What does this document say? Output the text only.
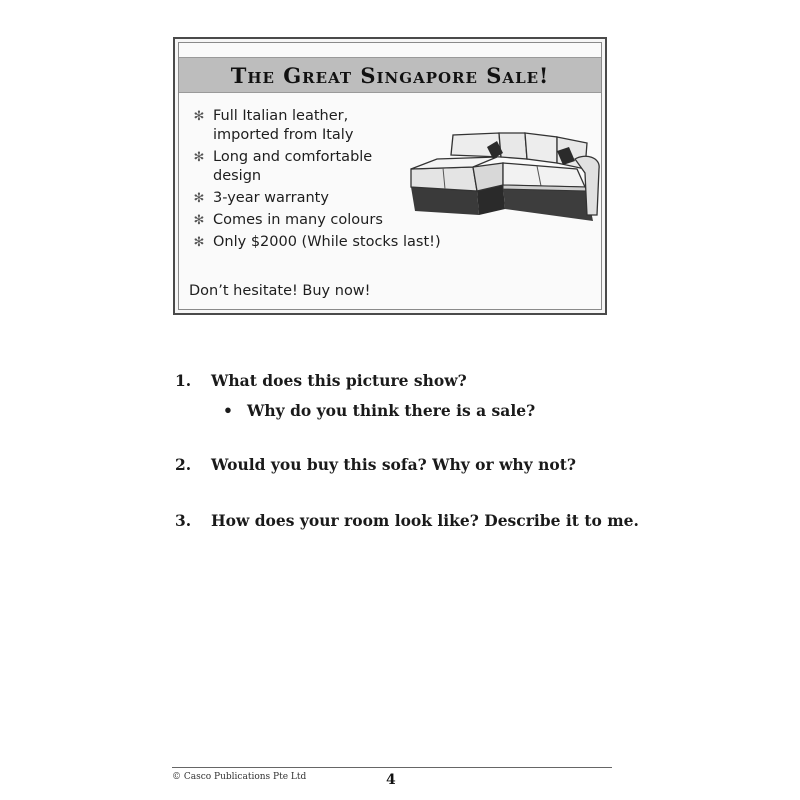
The Great Singapore Sale!
✻ Full Italian leather,
imported from Italy
✻ Long and comfortable
design
✻ 3-year warranty
✻ Comes in many colours
✻ Only $2000 (While stocks last!)
Don’t hesitate! Buy now!
1. What does this picture show?
• Why do you think there is a sale?
2. Would you buy this sofa? Why or why not?
3. How does your room look like? Describe it to me.
© Casco Publications Pte Ltd	4
